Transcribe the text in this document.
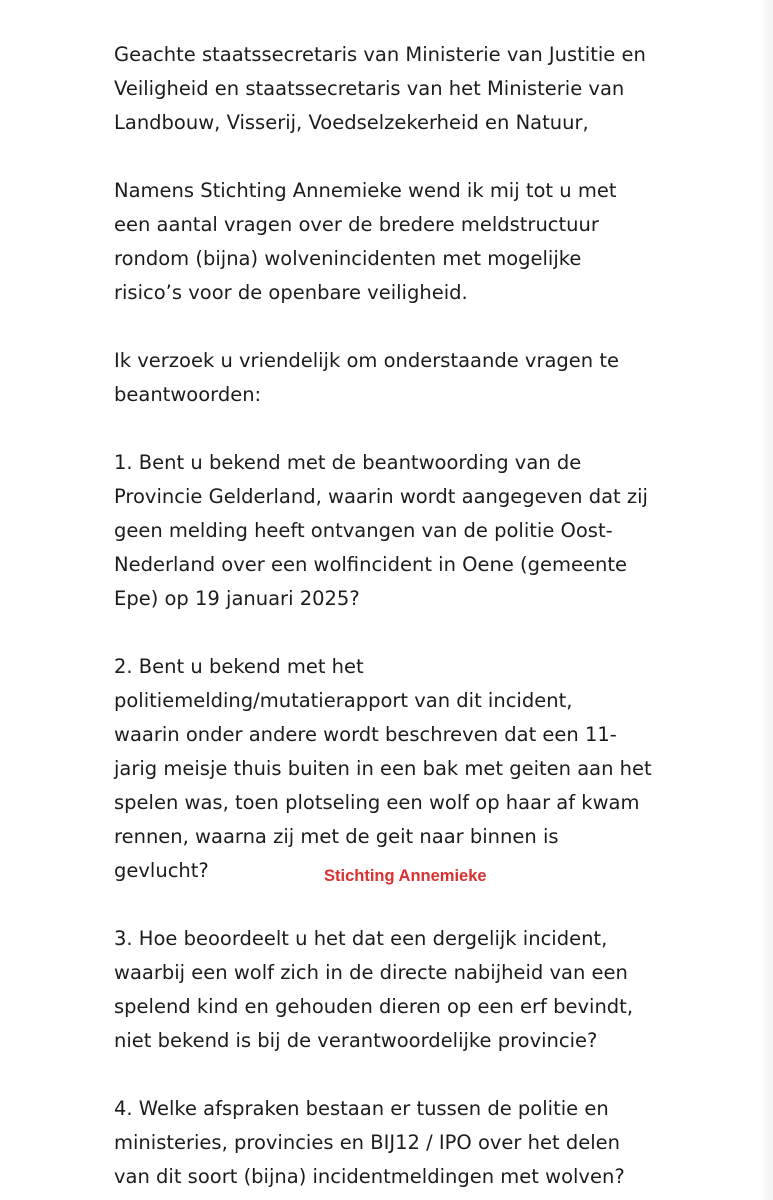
Geachte staatssecretaris van Ministerie van Justitie en
Veiligheid en staatssecretaris van het Ministerie van
Landbouw, Visserij, Voedselzekerheid en Natuur,

Namens Stichting Annemieke wend ik mij tot u met
een aantal vragen over de bredere meldstructuur
rondom (bijna) wolvenincidenten met mogelijke
risico’s voor de openbare veiligheid.

Ik verzoek u vriendelijk om onderstaande vragen te
beantwoorden:

1. Bent u bekend met de beantwoording van de
Provincie Gelderland, waarin wordt aangegeven dat zij
geen melding heeft ontvangen van de politie Oost-
Nederland over een wolfincident in Oene (gemeente
Epe) op 19 januari 2025?

2. Bent u bekend met het
politiemelding/mutatierapport van dit incident,
waarin onder andere wordt beschreven dat een 11-
jarig meisje thuis buiten in een bak met geiten aan het
spelen was, toen plotseling een wolf op haar af kwam
rennen, waarna zij met de geit naar binnen is
gevlucht?

3. Hoe beoordeelt u het dat een dergelijk incident,
waarbij een wolf zich in de directe nabijheid van een
spelend kind en gehouden dieren op een erf bevindt,
niet bekend is bij de verantwoordelijke provincie?

4. Welke afspraken bestaan er tussen de politie en
ministeries, provincies en BIJ12 / IPO over het delen
van dit soort (bijna) incidentmeldingen met wolven?

Stichting Annemieke
